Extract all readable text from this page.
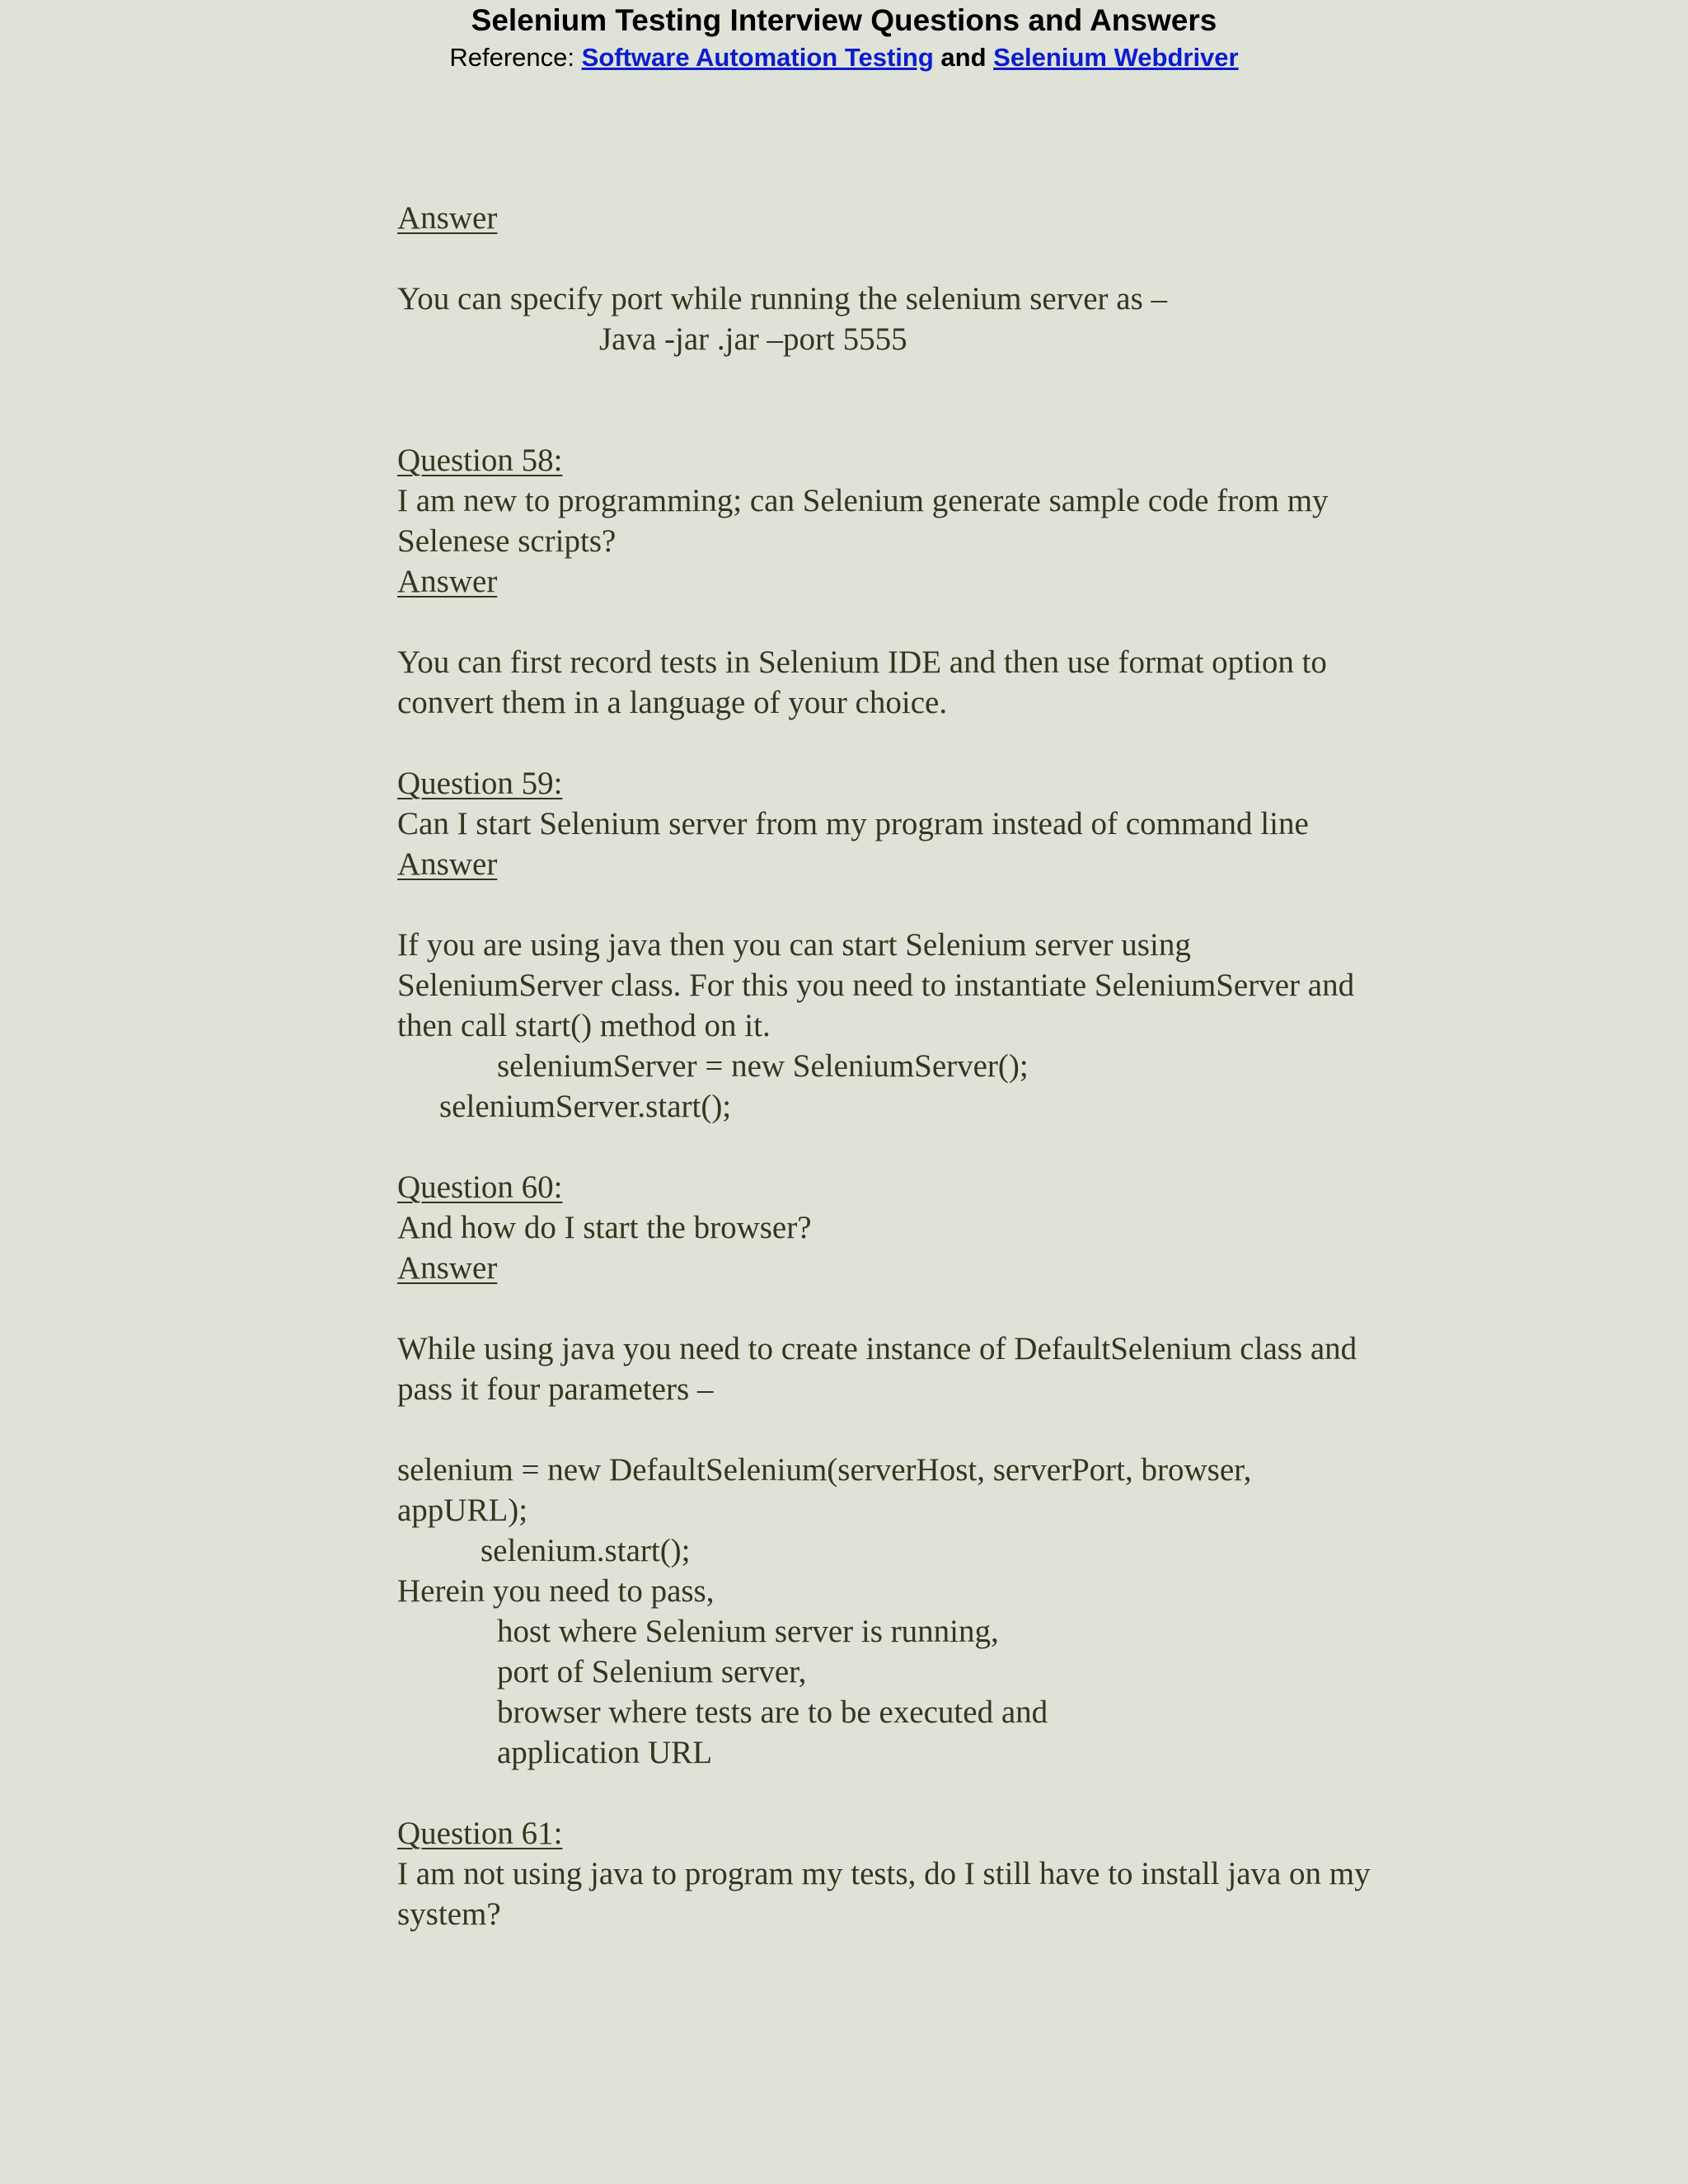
Selenium Testing Interview Questions and Answers
Reference: Software Automation Testing and Selenium Webdriver
Answer
You can specify port while running the selenium server as –
Java -jar .jar –port 5555
Question 58:
I am new to programming; can Selenium generate sample code from my
Selenese scripts?
Answer
You can first record tests in Selenium IDE and then use format option to
convert them in a language of your choice.
Question 59:
Can I start Selenium server from my program instead of command line
Answer
If you are using java then you can start Selenium server using
SeleniumServer class. For this you need to instantiate SeleniumServer and
then call start() method on it.
seleniumServer = new SeleniumServer();
seleniumServer.start();
Question 60:
And how do I start the browser?
Answer
While using java you need to create instance of DefaultSelenium class and
pass it four parameters –
selenium = new DefaultSelenium(serverHost, serverPort, browser,
appURL);
selenium.start();
Herein you need to pass,
host where Selenium server is running,
port of Selenium server,
browser where tests are to be executed and
application URL
Question 61:
I am not using java to program my tests, do I still have to install java on my
system?
